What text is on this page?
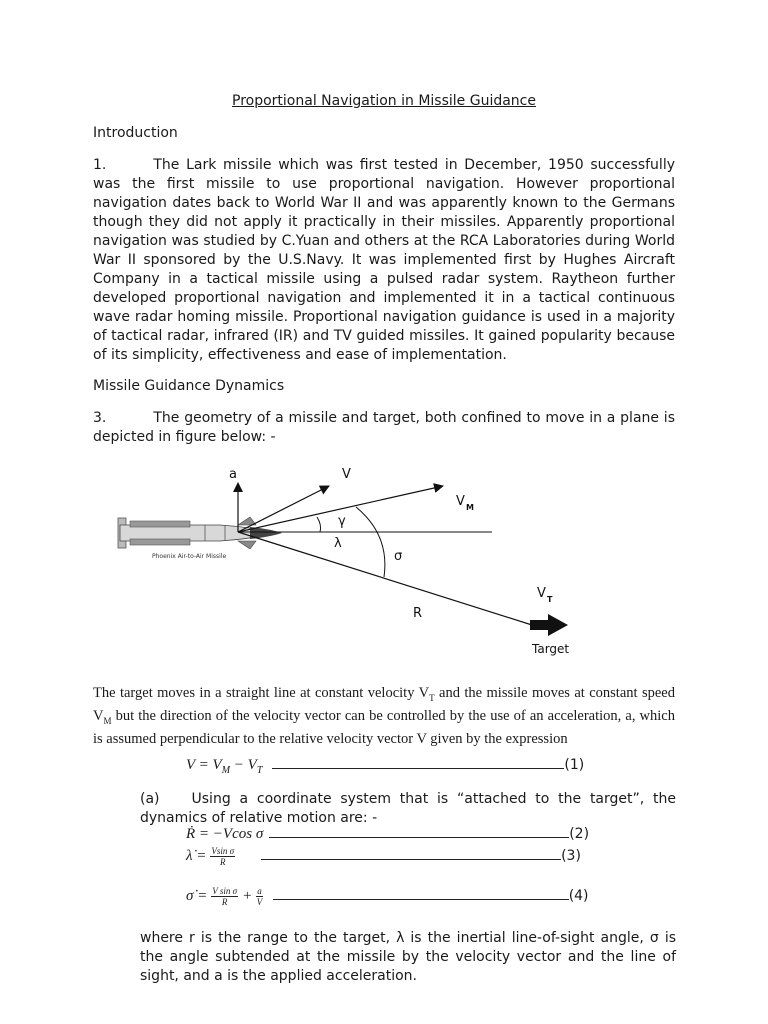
Proportional Navigation in Missile Guidance
Introduction
1.	The Lark missile which was first tested in December, 1950 successfully was the first missile to use proportional navigation. However proportional navigation dates back to World War II and was apparently known to the Germans though they did not apply it practically in their missiles. Apparently proportional navigation was studied by C.Yuan and others at the RCA Laboratories during World War II sponsored by the U.S.Navy. It was implemented first by Hughes Aircraft Company in a tactical missile using a pulsed radar system. Raytheon further developed proportional navigation and implemented it in a tactical continuous wave radar homing missile. Proportional navigation guidance is used in a majority of tactical radar, infrared (IR) and TV guided missiles. It gained popularity because of its simplicity, effectiveness and ease of implementation.
Missile Guidance Dynamics
3.	The geometry of a missile and target, both confined to move in a plane is depicted in figure below: -
Phoenix Air-to-Air Missile
a	V
V M
γ
λ
σ
V T
R
Target
The target moves in a straight line at constant velocity $V_T$ and the missile moves at constant speed $V_M$ but the direction of the velocity vector can be controlled by the use of an acceleration, a, which is assumed perpendicular to the relative velocity vector V given by the expression
$V = V_M - V_T$	(1)
(a) Using a coordinate system that is “attached to the target”, the dynamics of relative motion are: -
Ṙ = −Vcos σ	(2)
λ̇ = $\frac{\text{Vsin σ}}{R}$	(3)
σ̇ = $\frac{\text{V sin σ}}{R} + \frac{a}{V}$	(4)
where r is the range to the target, λ is the inertial line-of-sight angle, σ is the angle subtended at the missile by the velocity vector and the line of sight, and a is the applied acceleration.
